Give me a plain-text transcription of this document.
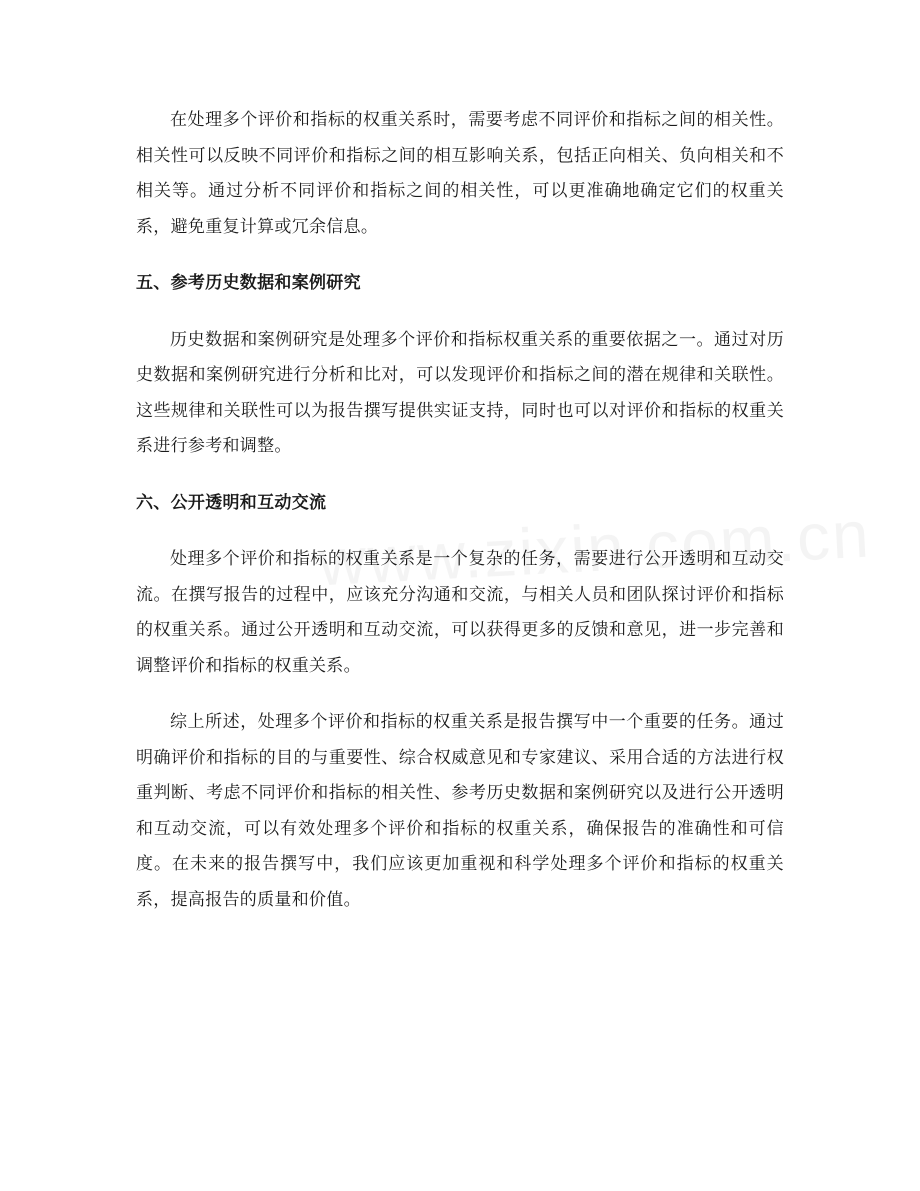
在处理多个评价和指标的权重关系时，需要考虑不同评价和指标之间的相关性。相关性可以反映不同评价和指标之间的相互影响关系，包括正向相关、负向相关和不相关等。通过分析不同评价和指标之间的相关性，可以更准确地确定它们的权重关系，避免重复计算或冗余信息。

五、参考历史数据和案例研究

历史数据和案例研究是处理多个评价和指标权重关系的重要依据之一。通过对历史数据和案例研究进行分析和比对，可以发现评价和指标之间的潜在规律和关联性。这些规律和关联性可以为报告撰写提供实证支持，同时也可以对评价和指标的权重关系进行参考和调整。

六、公开透明和互动交流

处理多个评价和指标的权重关系是一个复杂的任务，需要进行公开透明和互动交流。在撰写报告的过程中，应该充分沟通和交流，与相关人员和团队探讨评价和指标的权重关系。通过公开透明和互动交流，可以获得更多的反馈和意见，进一步完善和调整评价和指标的权重关系。

综上所述，处理多个评价和指标的权重关系是报告撰写中一个重要的任务。通过明确评价和指标的目的与重要性、综合权威意见和专家建议、采用合适的方法进行权重判断、考虑不同评价和指标的相关性、参考历史数据和案例研究以及进行公开透明和互动交流，可以有效处理多个评价和指标的权重关系，确保报告的准确性和可信度。在未来的报告撰写中，我们应该更加重视和科学处理多个评价和指标的权重关系，提高报告的质量和价值。
